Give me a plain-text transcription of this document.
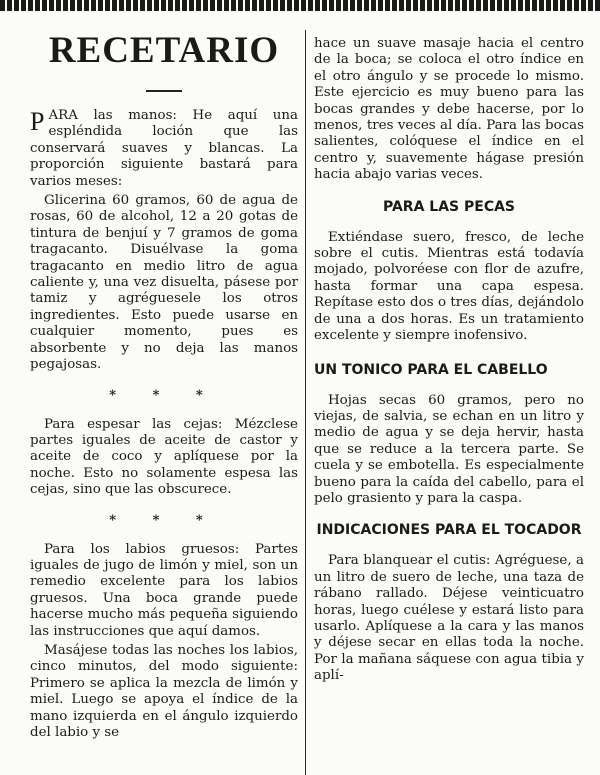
RECETARIO

PARA las manos: He aquí una espléndida loción que las conservará suaves y blancas. La proporción siguiente bastará para varios meses:

Glicerina 60 gramos, 60 de agua de rosas, 60 de alcohol, 12 a 20 gotas de tintura de benjuí y 7 gramos de goma tragacanto. Disuélvase la goma tragacanto en medio litro de agua caliente y, una vez disuelta, pásese por tamiz y agréguesele los otros ingredientes. Esto puede usarse en cualquier momento, pues es absorbente y no deja las manos pegajosas.

* * *

Para espesar las cejas: Mézclese partes iguales de aceite de castor y aceite de coco y aplíquese por la noche. Esto no solamente espesa las cejas, sino que las obscurece.

* * *

Para los labios gruesos: Partes iguales de jugo de limón y miel, son un remedio excelente para los labios gruesos. Una boca grande puede hacerse mucho más pequeña siguiendo las instrucciones que aquí damos.

Masájese todas las noches los labios, cinco minutos, del modo siguiente: Primero se aplica la mezcla de limón y miel. Luego se apoya el índice de la mano izquierda en el ángulo izquierdo del labio y se

hace un suave masaje hacia el centro de la boca; se coloca el otro índice en el otro ángulo y se procede lo mismo. Este ejercicio es muy bueno para las bocas grandes y debe hacerse, por lo menos, tres veces al día. Para las bocas salientes, colóquese el índice en el centro y, suavemente hágase presión hacia abajo varias veces.

PARA LAS PECAS

Extiéndase suero, fresco, de leche sobre el cutis. Mientras está todavía mojado, polvoréese con flor de azufre, hasta formar una capa espesa. Repítase esto dos o tres días, dejándolo de una a dos horas. Es un tratamiento excelente y siempre inofensivo.

UN TONICO PARA EL CABELLO

Hojas secas 60 gramos, pero no viejas, de salvia, se echan en un litro y medio de agua y se deja hervir, hasta que se reduce a la tercera parte. Se cuela y se embotella. Es especialmente bueno para la caída del cabello, para el pelo grasiento y para la caspa.

INDICACIONES PARA EL TOCADOR

Para blanquear el cutis: Agréguese, a un litro de suero de leche, una taza de rábano rallado. Déjese veinticuatro horas, luego cuélese y estará listo para usarlo. Aplíquese a la cara y las manos y déjese secar en ellas toda la noche. Por la mañana sáquese con agua tibia y aplí-
